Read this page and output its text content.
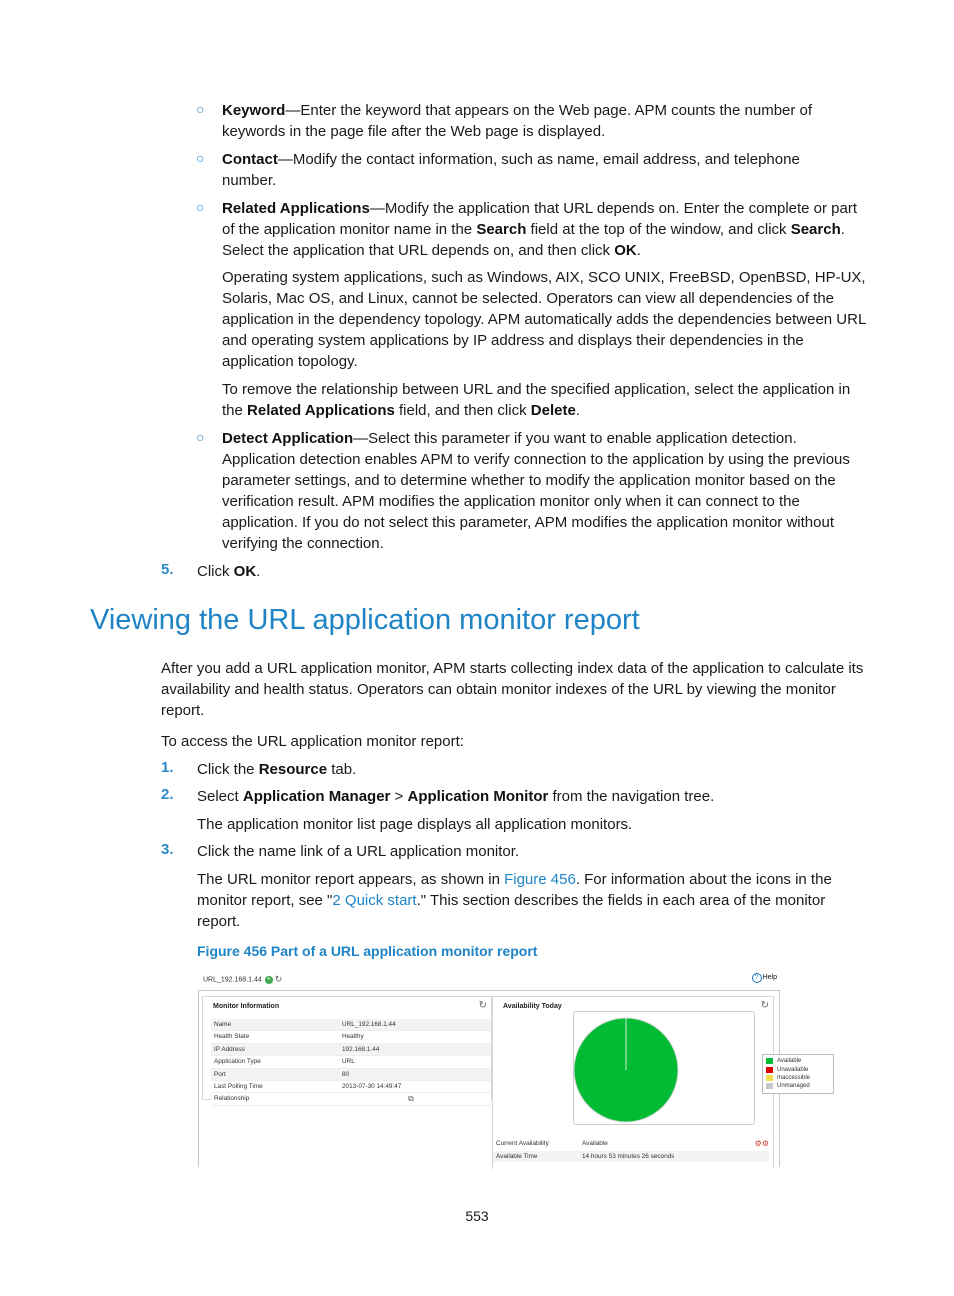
○ Keyword—Enter the keyword that appears on the Web page. APM counts the number of keywords in the page file after the Web page is displayed.

○ Contact—Modify the contact information, such as name, email address, and telephone number.

○ Related Applications—Modify the application that URL depends on. Enter the complete or part of the application monitor name in the Search field at the top of the window, and click Search. Select the application that URL depends on, and then click OK.

Operating system applications, such as Windows, AIX, SCO UNIX, FreeBSD, OpenBSD, HP-UX, Solaris, Mac OS, and Linux, cannot be selected. Operators can view all dependencies of the application in the dependency topology. APM automatically adds the dependencies between URL and operating system applications by IP address and displays their dependencies in the application topology.

To remove the relationship between URL and the specified application, select the application in the Related Applications field, and then click Delete.

○ Detect Application—Select this parameter if you want to enable application detection. Application detection enables APM to verify connection to the application by using the previous parameter settings, and to determine whether to modify the application monitor based on the verification result. APM modifies the application monitor only when it can connect to the application. If you do not select this parameter, APM modifies the application monitor without verifying the connection.

5. Click OK.

Viewing the URL application monitor report

After you add a URL application monitor, APM starts collecting index data of the application to calculate its availability and health status. Operators can obtain monitor indexes of the URL by viewing the monitor report.

To access the URL application monitor report:

1. Click the Resource tab.

2. Select Application Manager > Application Monitor from the navigation tree.

The application monitor list page displays all application monitors.

3. Click the name link of a URL application monitor.

The URL monitor report appears, as shown in Figure 456. For information about the icons in the monitor report, see "2 Quick start." This section describes the fields in each area of the monitor report.

Figure 456 Part of a URL application monitor report
URL_192.168.1.44 + ↻	? Help
Monitor Information	↻
Name	URL_192.168.1.44
Health State	Healthy
IP Address	192.168.1.44
Application Type	URL
Port	80
Last Polling Time	2013-07-30 14:49:47
Relationship	⧉
Availability Today	↻
Available
Unavailable
Inaccessible
Unmanaged
Current Availability	Available	⚙⚙
Available Time	14 hours 53 minutes 26 seconds
553
